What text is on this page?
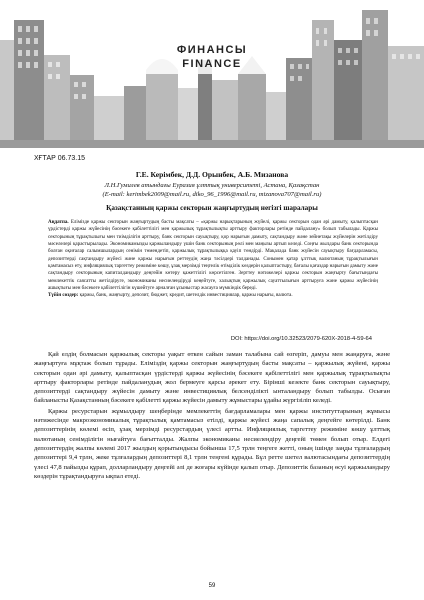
ФИНАНСЫ
FINANCE
ХҒТАР 06.73.15
Г.Е. Керімбек, Д.Д. Орынбек, А.Б. Мизанова
Л.Н.Гумилев атындағы Еуразия ұлттық университеті, Астана, Қазақстан
(E-mail: kerimbek2009@mail.ru, diko_96_1996@mail.ru, mizanova707@mail.ru)
Қазақстанның қаржы секторын жаңғыртудың негізгі шаралары
Аңдатпа. Елімізде қаржы секторын жаңғыртудың басты мақсаты – «қаржы нарықтарының жүйелі, қаржы секторын одан әрі дамыту, қалыптасқан үрдістерді қаржы жүйесінің бәсекеге қабілеттілігі мен қаржылық тұрақтылықты арттыру факторлары ретінде пайдалану» болып табылады. Қаржы секторының тұрақтылығы мен тиімділігін арттыру, банк секторын сауықтыру, қор нарығын дамыту, сақтандыру және зейнетақы жүйелерін жетілдіру мәселелері қарастырылады. Экономикамызды қаржыландыру үшін банк секторының рөлі мен маңызы артып келеді. Соңғы жылдары банк секторында болған оқиғалар салымшылардың сенімін төмендетіп, қаржылық тұрақтылыққа қауіп төндірді. Мақалада банк жүйесін сауықтыру бағдарламасы, депозиттерді сақтандыру жүйесі және қаржы нарығын реттеудің жаңа тәсілдері талданады. Сонымен қатар ұлттық валютаның тұрақтылығын қамтамасыз ету, инфляциялық таргеттеу режиміне көшу, ұзақ мерзімді теңгелік өтімділік көздерін қалыптастыру, бағалы қағаздар нарығын дамыту және сақтандыру секторының капиталдандыру деңгейін көтеру қажеттілігі көрсетілген. Зерттеу нәтижелері қаржы секторын жаңғырту бағытындағы мемлекеттік саясатты жетілдіруге, экономиканы несиелендіруді кеңейтуге, халықтың қаржылық сауаттылығын арттыруға және қаржы жүйесінің ашықтығы мен бәсекеге қабілеттілігін күшейтуге арналған ұсыныстар жасауға мүмкіндік береді.
Түйін сөздер: қаржы, банк, жаңғырту, депозит, бюджет, кредит, шетелдік инвестициялар, қаржы нарығы, валюта.
DOI: https://doi.org/10.32523/2079-620X-2018-4-59-64

Қай елдің болмасын қаржылық секторы уақыт өткен сайын заман талабына сай өзгеріп, дамуы мен жаңаруға, және жаңғыртуға мұқтаж болып тұрады. Еліміздің қаржы секторын жаңғыртудың басты мақсаты – қаржылық жүйені, қаржы секторын одан әрі дамыту, қалыптасқан үрдістерді қаржы жүйесінің бәсекеге қабілеттілігі мен қаржылық тұрақтылықты арттыру факторлары ретінде пайдаланудың жол бермеуге қарсы әрекет ету. Бірінші кезекте банк секторын сауықтыру, депозиттерді сақтандыру жүйесін дамыту және инвестициялық белсенділікті ынталандыру болып табылды. Осыған байланысты Қазақстанның бәсекеге қабілетті қаржы жүйесін дамыту жұмыстары ұдайы жүргізіліп келеді.

Қаржы ресурстарын жұмылдыру шеңберінде мемлекеттің бағдарламалары мен қаржы институттарының жұмысы нәтижесінде макроэкономикалық тұрақтылық қамтамасыз етілді, қаржы жүйесі жаңа сапалық деңгейге көтерілді. Банк депозиттерінің көлемі өсіп, ұзақ мерзімді ресурстардың үлесі артты. Инфляциялық таргеттеу режиміне көшу ұлттық валютаның сенімділігін нығайтуға бағытталды. Жалпы экономиканы несиелендіру деңгейі төмен болып отыр. Елдегі депозиттердің жалпы көлемі 2017 жылдың қорытындысы бойынша 17,5 трлн теңгеге жетті, оның ішінде заңды тұлғалардың депозиттері 9,4 трлн, жеке тұлғалардың депозиттері 8,1 трлн теңгені құрады. Бұл ретте шетел валютасындағы депозиттердің үлесі 47,8 пайызды құрап, долларландыру деңгейі әлі де жоғары күйінде қалып отыр. Депозиттік базаның өсуі қаржыландыру көздерін тұрақтандыруға ықпал етеді.

59
